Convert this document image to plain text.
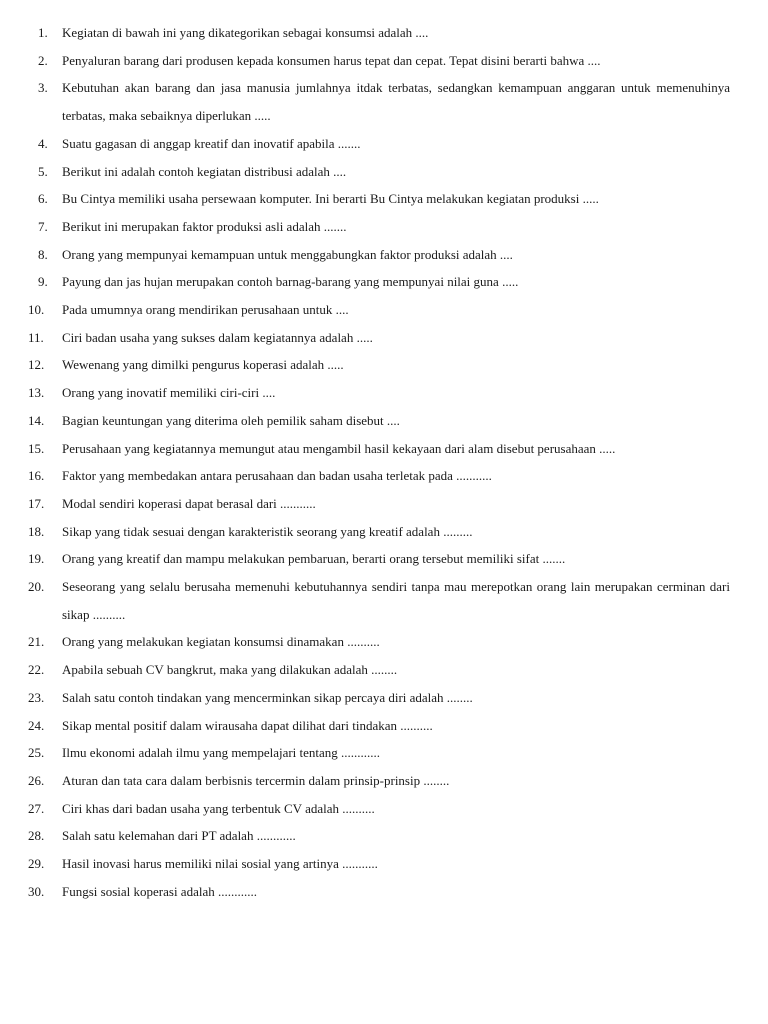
1.	Kegiatan di bawah ini yang dikategorikan sebagai konsumsi adalah ....
2.	Penyaluran barang dari produsen kepada konsumen harus tepat dan cepat. Tepat disini berarti bahwa ....
3.	Kebutuhan akan barang dan jasa manusia jumlahnya itdak terbatas, sedangkan kemampuan anggaran untuk memenuhinya terbatas, maka sebaiknya diperlukan .....
4.	Suatu gagasan di anggap kreatif dan inovatif apabila .......
5.	Berikut ini adalah contoh kegiatan distribusi adalah ....
6.	Bu Cintya memiliki usaha persewaan komputer. Ini berarti Bu Cintya melakukan kegiatan produksi .....
7.	Berikut ini merupakan faktor produksi asli adalah .......
8.	Orang yang mempunyai kemampuan untuk menggabungkan faktor produksi adalah ....
9.	Payung dan jas hujan merupakan contoh barnag-barang yang mempunyai nilai guna .....
10.	Pada umumnya orang mendirikan perusahaan untuk ....
11.	Ciri badan usaha yang sukses dalam kegiatannya adalah .....
12.	Wewenang yang dimilki pengurus koperasi adalah .....
13.	Orang yang inovatif memiliki ciri-ciri ....
14.	Bagian keuntungan yang diterima oleh pemilik saham disebut ....
15.	Perusahaan yang kegiatannya memungut atau mengambil hasil kekayaan dari alam disebut perusahaan .....
16.	Faktor yang membedakan antara perusahaan dan badan usaha terletak pada ...........
17.	Modal sendiri koperasi dapat berasal dari ...........
18.	Sikap yang tidak sesuai dengan karakteristik seorang yang kreatif adalah .........
19.	Orang yang kreatif dan mampu melakukan pembaruan, berarti orang tersebut memiliki sifat .......
20.	Seseorang yang selalu berusaha memenuhi kebutuhannya sendiri tanpa mau merepotkan orang lain merupakan cerminan dari sikap ..........
21.	Orang yang melakukan kegiatan konsumsi dinamakan ..........
22.	Apabila sebuah CV bangkrut, maka yang dilakukan adalah ........
23.	Salah satu contoh tindakan yang mencerminkan sikap percaya diri adalah ........
24.	Sikap mental positif dalam wirausaha dapat dilihat dari tindakan ..........
25.	Ilmu ekonomi adalah ilmu yang mempelajari tentang ............
26.	Aturan dan tata cara dalam berbisnis tercermin dalam prinsip-prinsip ........
27.	Ciri khas dari badan usaha yang terbentuk CV adalah ..........
28.	Salah satu kelemahan dari PT adalah ............
29.	Hasil inovasi harus memiliki nilai sosial yang artinya ...........
30.	Fungsi sosial koperasi adalah ............
